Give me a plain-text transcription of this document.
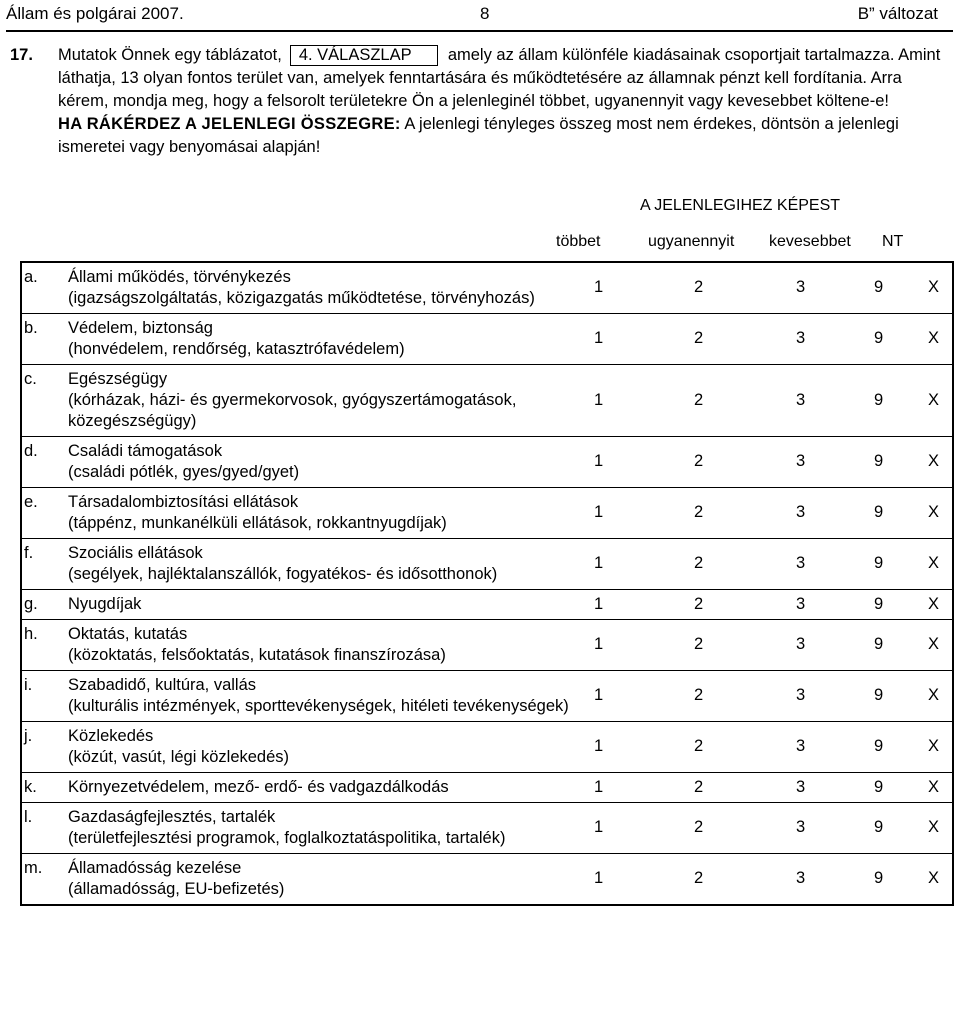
Állam és polgárai 2007.	8	B” változat
17. Mutatok Önnek egy táblázatot, 4. VÁLASZLAP amely az állam különféle kiadásainak csoportjait tartalmazza. Amint láthatja, 13 olyan fontos terület van, amelyek fenntartására és működtetésére az államnak pénzt kell fordítania. Arra kérem, mondja meg, hogy a felsorolt területekre Ön a jelenleginél többet, ugyanennyit vagy kevesebbet költene-e!

HA RÁKÉRDEZ A JELENLEGI ÖSSZEGRE: A jelenlegi tényleges összeg most nem érdekes, döntsön a jelenlegi ismeretei vagy benyomásai alapján!

A JELENLEGIHEZ KÉPEST
többet	ugyanennyit kevesebbet NT
a.	Állami működés, törvénykezés
(igazságszolgáltatás, közigazgatás működtetése, törvényhozás)	1 2 3 9 X

b.	Védelem, biztonság
(honvédelem, rendőrség, katasztrófavédelem)	1 2 3 9 X

c.	Egészségügy
(kórházak, házi- és gyermekorvosok, gyógyszertámogatások, közegészségügy)	1 2 3 9 X

d.	Családi támogatások
(családi pótlék, gyes/gyed/gyet)	1 2 3 9 X

e.	Társadalombiztosítási ellátások
(táppénz, munkanélküli ellátások, rokkantnyugdíjak)	1 2 3 9 X

f.	Szociális ellátások
(segélyek, hajléktalanszállók, fogyatékos- és idősotthonok)	1 2 3 9 X

g.	Nyugdíjak	1 2 3 9 X

h.	Oktatás, kutatás
(közoktatás, felsőoktatás, kutatások finanszírozása)	1 2 3 9 X

i.	Szabadidő, kultúra, vallás
(kulturális intézmények, sporttevékenységek, hitéleti tevékenységek)	1 2 3 9 X

j.	Közlekedés
(közút, vasút, légi közlekedés)	1 2 3 9 X

k.	Környezetvédelem, mező- erdő- és vadgazdálkodás	1 2 3 9 X

l.	Gazdaságfejlesztés, tartalék
(területfejlesztési programok, foglalkoztatáspolitika, tartalék)	1 2 3 9 X

m.	Államadósság kezelése
(államadósság, EU-befizetés)	1 2 3 9 X
